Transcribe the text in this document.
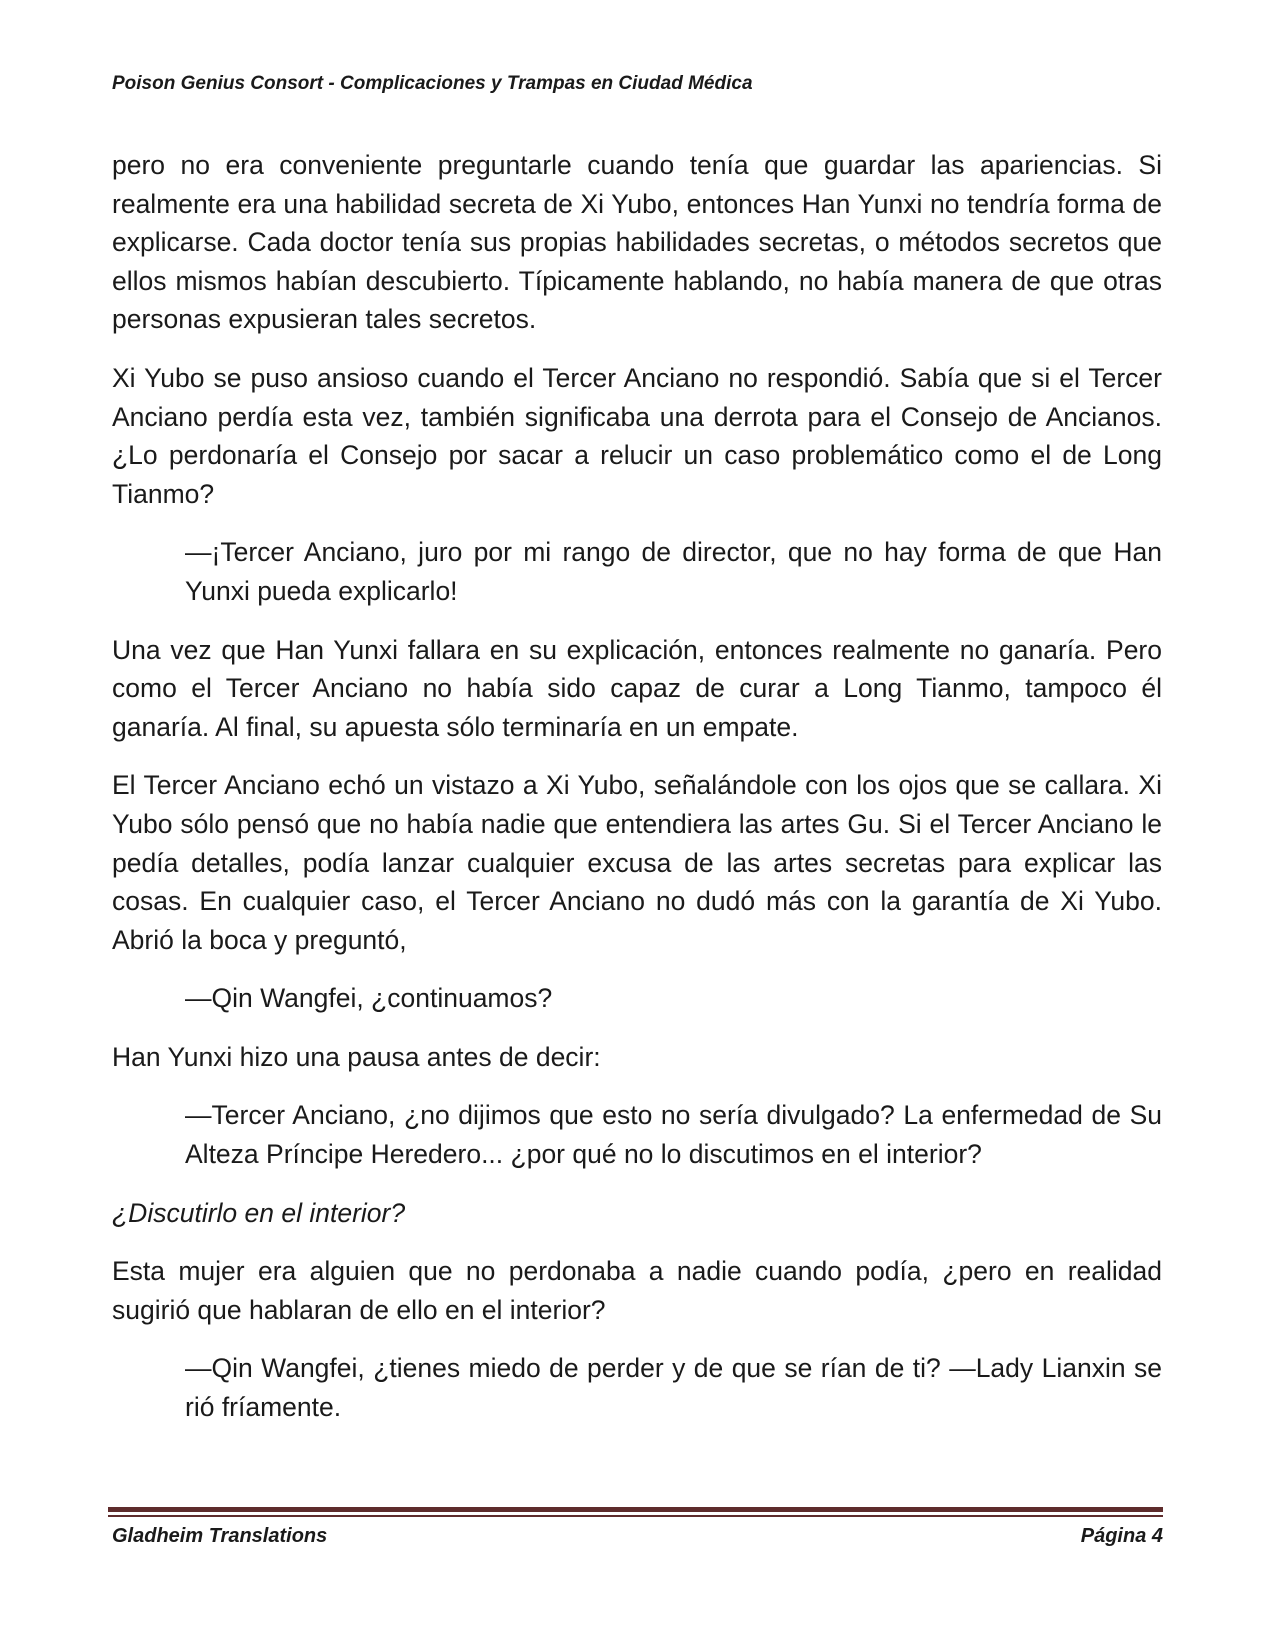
Poison Genius Consort - Complicaciones y Trampas en Ciudad Médica

pero no era conveniente preguntarle cuando tenía que guardar las apariencias. Si realmente era una habilidad secreta de Xi Yubo, entonces Han Yunxi no tendría forma de explicarse. Cada doctor tenía sus propias habilidades secretas, o métodos secretos que ellos mismos habían descubierto. Típicamente hablando, no había manera de que otras personas expusieran tales secretos.

Xi Yubo se puso ansioso cuando el Tercer Anciano no respondió. Sabía que si el Tercer Anciano perdía esta vez, también significaba una derrota para el Consejo de Ancianos. ¿Lo perdonaría el Consejo por sacar a relucir un caso problemático como el de Long Tianmo?

—¡Tercer Anciano, juro por mi rango de director, que no hay forma de que Han Yunxi pueda explicarlo!

Una vez que Han Yunxi fallara en su explicación, entonces realmente no ganaría. Pero como el Tercer Anciano no había sido capaz de curar a Long Tianmo, tampoco él ganaría. Al final, su apuesta sólo terminaría en un empate.

El Tercer Anciano echó un vistazo a Xi Yubo, señalándole con los ojos que se callara. Xi Yubo sólo pensó que no había nadie que entendiera las artes Gu. Si el Tercer Anciano le pedía detalles, podía lanzar cualquier excusa de las artes secretas para explicar las cosas. En cualquier caso, el Tercer Anciano no dudó más con la garantía de Xi Yubo. Abrió la boca y preguntó,

—Qin Wangfei, ¿continuamos?

Han Yunxi hizo una pausa antes de decir:

—Tercer Anciano, ¿no dijimos que esto no sería divulgado? La enfermedad de Su Alteza Príncipe Heredero... ¿por qué no lo discutimos en el interior?

¿Discutirlo en el interior?

Esta mujer era alguien que no perdonaba a nadie cuando podía, ¿pero en realidad sugirió que hablaran de ello en el interior?

—Qin Wangfei, ¿tienes miedo de perder y de que se rían de ti? —Lady Lianxin se rió fríamente.

Gladheim Translations	Página 4
